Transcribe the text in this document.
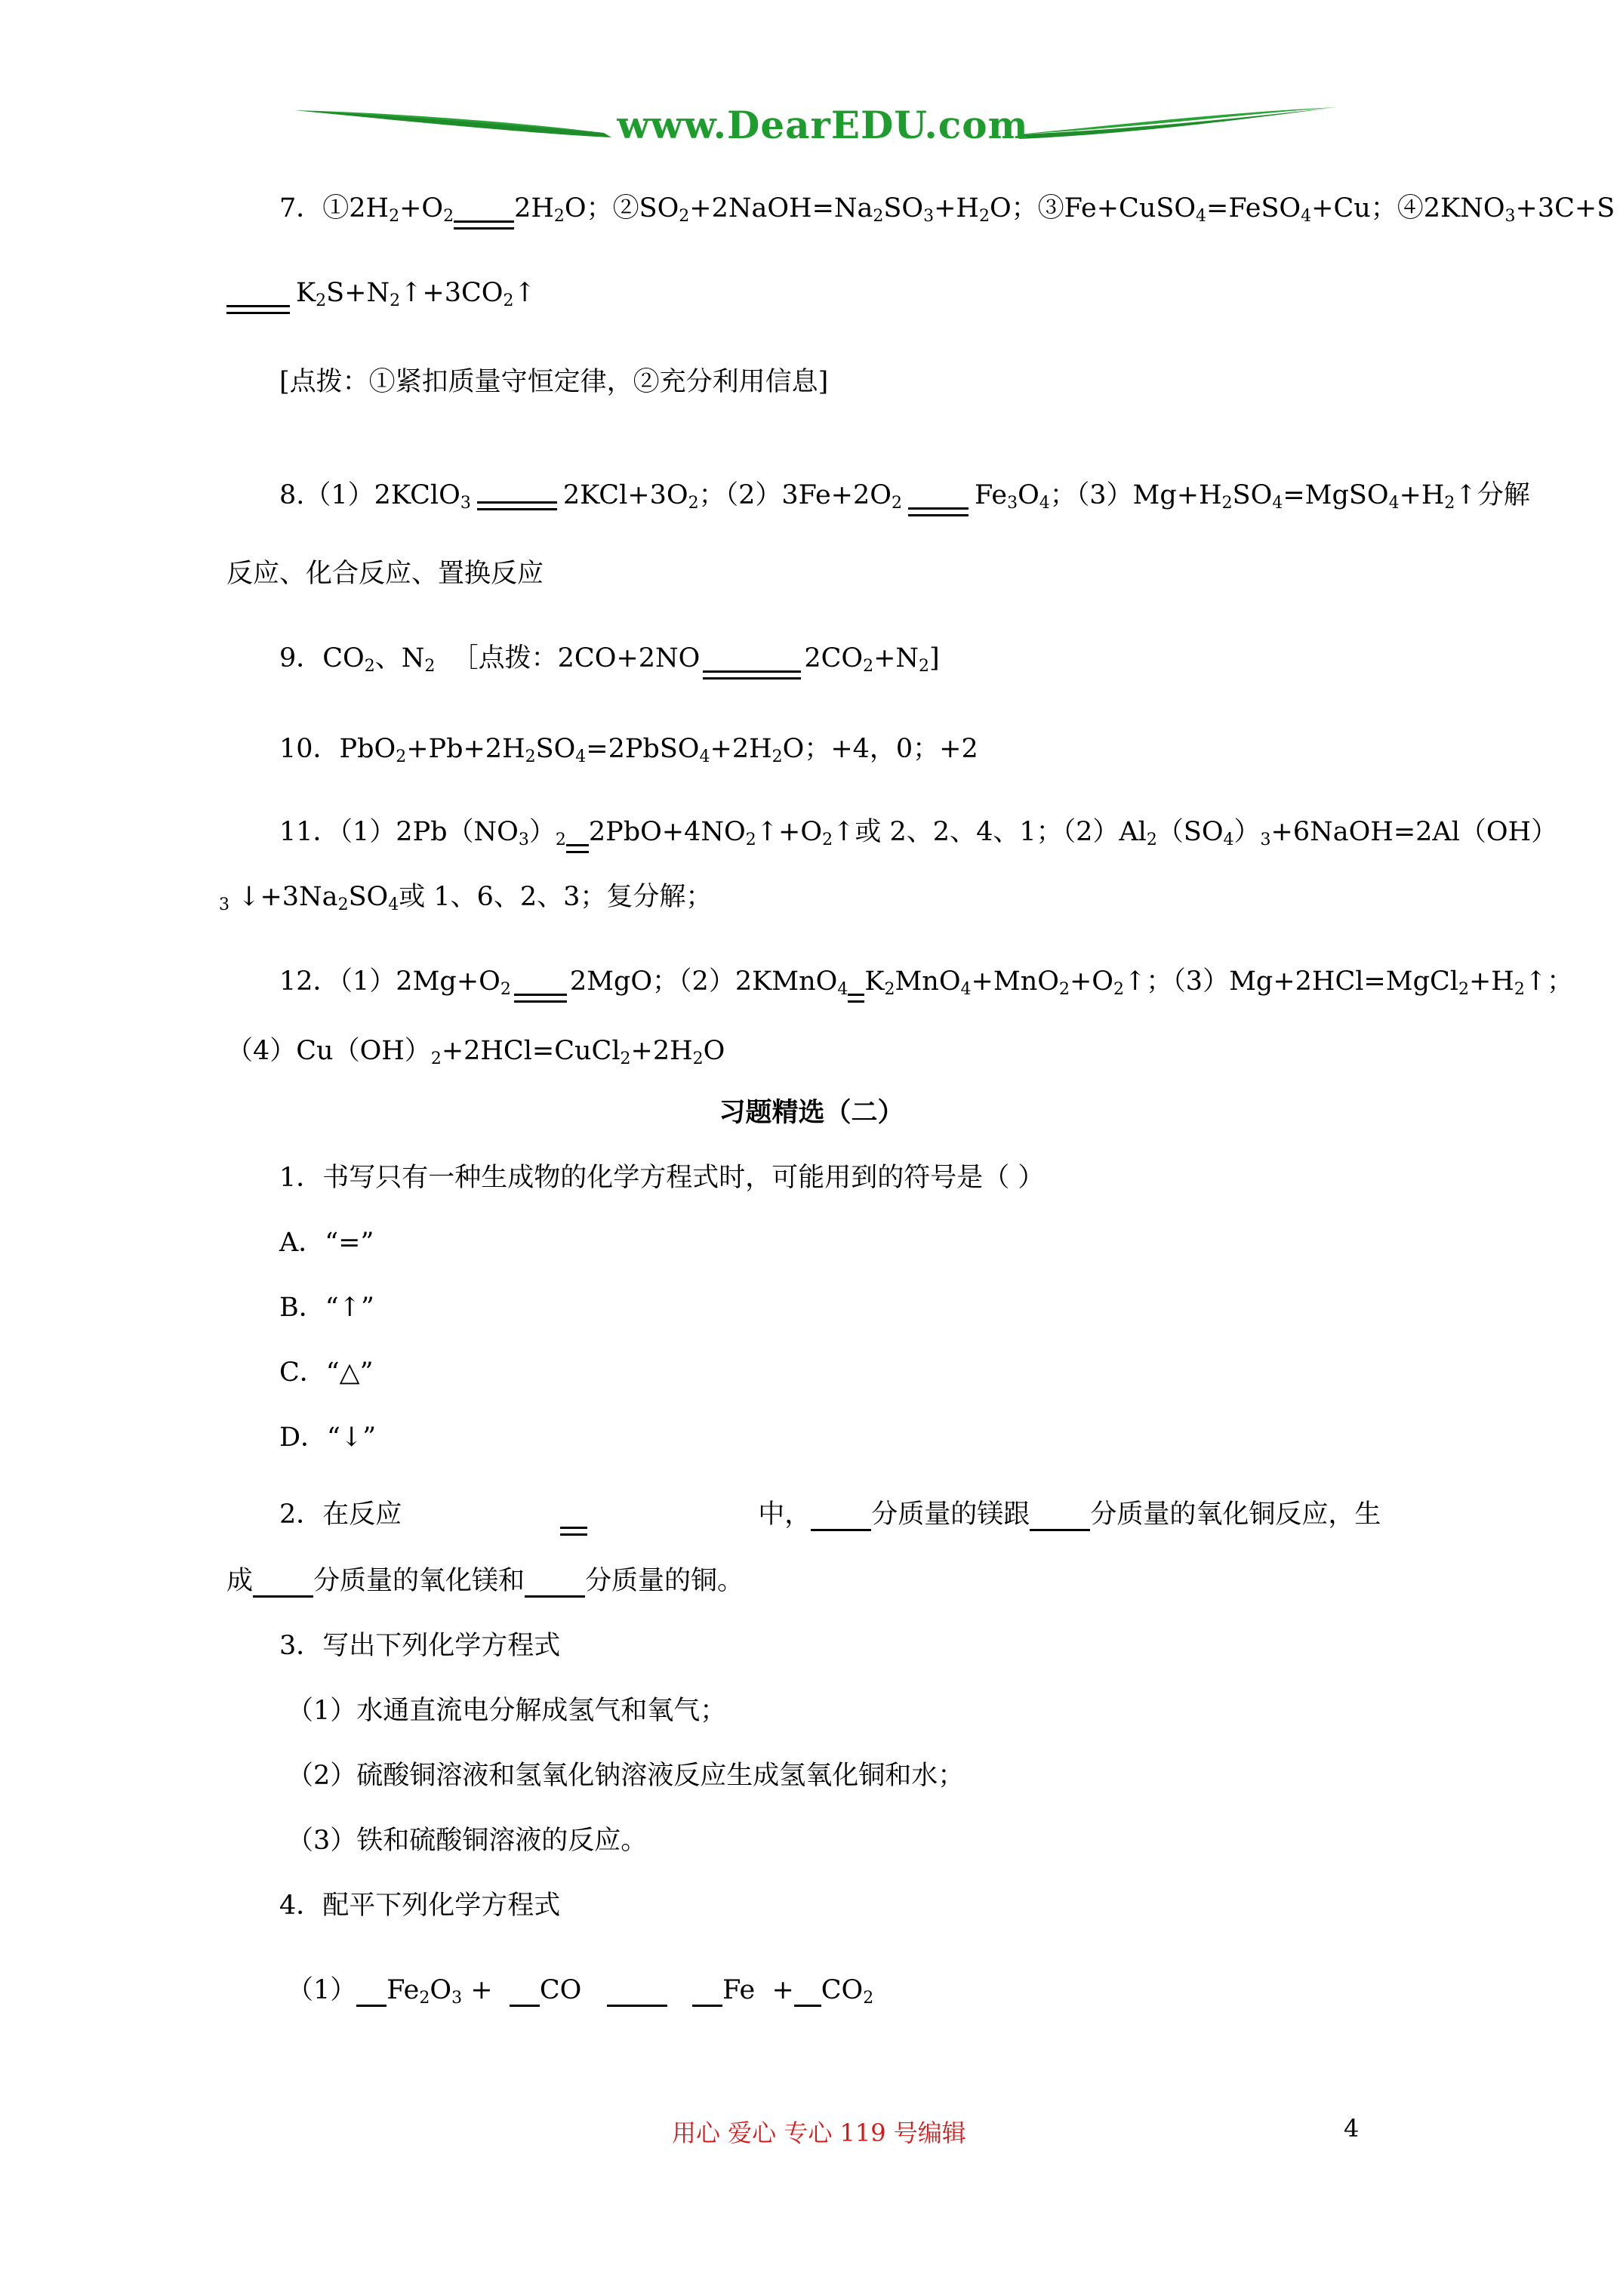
www.DearEDU.com
7．$①2H_2+O_2$ $2H_2O$；$②SO_2+2NaOH=Na_2SO_3+H_2O$；③Fe+CuSO$_4$=FeSO$_4$+Cu；$④2KNO_3+3C+S$
$K_2S+N_2↑+3CO_2↑$
[点拨：①紧扣质量守恒定律，②充分利用信息]
8.（1）2KClO$_3$	$2KCl+3O_2$；$(2)3Fe+2O_2$	$Fe_3O_4$；$(3)Mg+H_2SO_4=MgSO_4+H_2↑$分解
反应、化合反应、置换反应
9．$CO_2$、$N_2$ ［点拨：2CO+2NO	$2CO_2+N_2$]
10．$PbO_2+Pb+2H_2SO_4=2PbSO_4+2H_2O$；+4，0；+2
11．$(1)2Pb(NO_3)_2$ $2PbO+4NO_2↑+O_2↑$或 2、2、4、1；$(2)Al_2(SO_4)_3+6NaOH=2Al(OH)$
$_3$ $↓+3Na_2SO_4$或 1、6、2、3；复分解；
12．$(1)2Mg+O_2$ 2MgO；（2）2KMnO$_4$ $K_2MnO_4+MnO_2+O_2↑$；$(3)Mg+2HCl=MgCl_2+H_2↑$；
$(4)Cu(OH)_2+2HCl=CuCl_2+2H_2O$
习题精选（二）
1．书写只有一种生成物的化学方程式时，可能用到的符号是（ ）
A．“=”
B．“↑”
C．“△”
D．“↓”
2．在反应	中， 分质量的镁跟 分质量的氧化铜反应，生
成 分质量的氧化镁和 分质量的铜。
3．写出下列化学方程式
（1）水通直流电分解成氢气和氧气；
（2）硫酸铜溶液和氢氧化钠溶液反应生成氢氧化铜和水；
（3）铁和硫酸铜溶液的反应。
4．配平下列化学方程式
（1） $Fe_2O_3$ + CO	$Fe + CO_2$
用心 爱心 专心 119 号编辑	4
